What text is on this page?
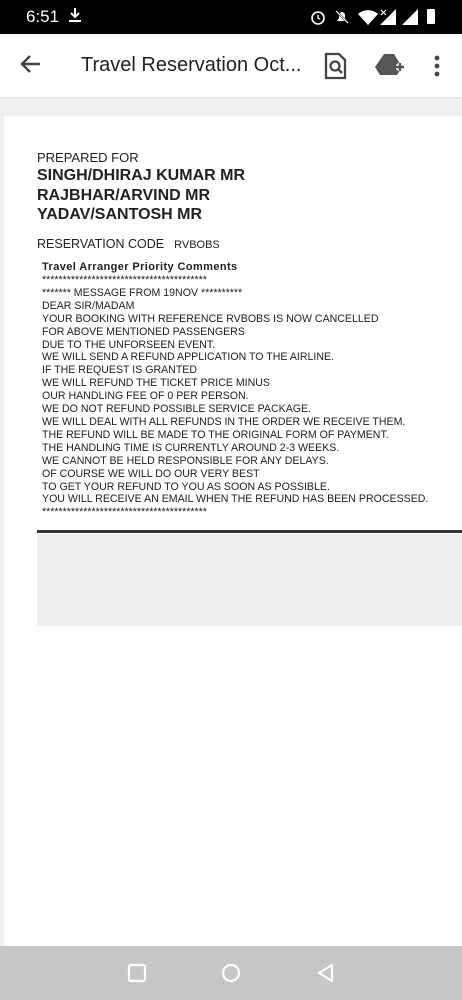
6:51
Travel Reservation Oct...
PREPARED FOR
SINGH/DHIRAJ KUMAR MR
RAJBHAR/ARVIND MR
YADAV/SANTOSH MR
RESERVATION CODE RVBOBS
Travel Arranger Priority Comments
****************************************
******* MESSAGE FROM 19NOV **********
DEAR SIR/MADAM
YOUR BOOKING WITH REFERENCE RVBOBS IS NOW CANCELLED
FOR ABOVE MENTIONED PASSENGERS
DUE TO THE UNFORSEEN EVENT.
WE WILL SEND A REFUND APPLICATION TO THE AIRLINE.
IF THE REQUEST IS GRANTED
WE WILL REFUND THE TICKET PRICE MINUS
OUR HANDLING FEE OF 0 PER PERSON.
WE DO NOT REFUND POSSIBLE SERVICE PACKAGE.
WE WILL DEAL WITH ALL REFUNDS IN THE ORDER WE RECEIVE THEM.
THE REFUND WILL BE MADE TO THE ORIGINAL FORM OF PAYMENT.
THE HANDLING TIME IS CURRENTLY AROUND 2-3 WEEKS.
WE CANNOT BE HELD RESPONSIBLE FOR ANY DELAYS.
OF COURSE WE WILL DO OUR VERY BEST
TO GET YOUR REFUND TO YOU AS SOON AS POSSIBLE.
YOU WILL RECEIVE AN EMAIL WHEN THE REFUND HAS BEEN PROCESSED.
****************************************
